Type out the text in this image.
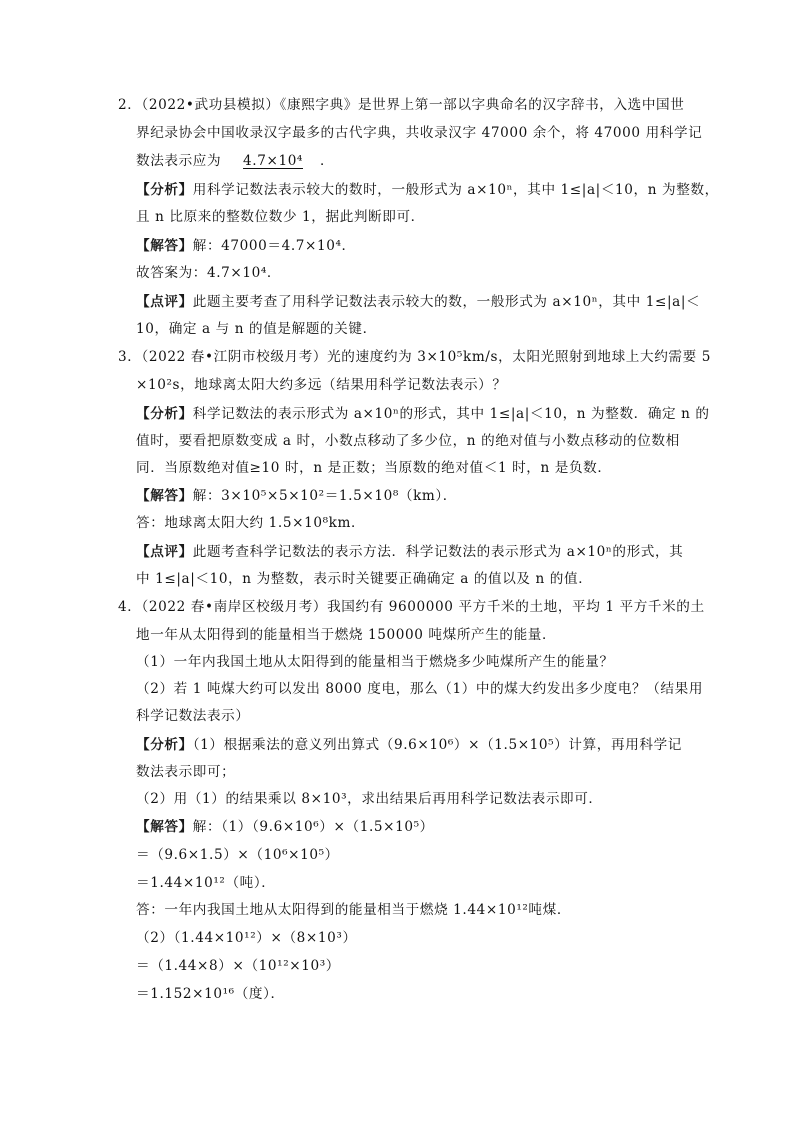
2．（2022•武功县模拟）《康熙字典》是世界上第一部以字典命名的汉字辞书，入选中国世
界纪录协会中国收录汉字最多的古代字典，共收录汉字 47000 余个，将 47000 用科学记
数法表示应为 4.7×10⁴ ．
【分析】用科学记数法表示较大的数时，一般形式为 a×10ⁿ，其中 1≤|a|＜10，n 为整数，
且 n 比原来的整数位数少 1，据此判断即可．
【解答】解：47000＝4.7×10⁴．
故答案为：4.7×10⁴．
【点评】此题主要考查了用科学记数法表示较大的数，一般形式为 a×10ⁿ，其中 1≤|a|＜
10，确定 a 与 n 的值是解题的关键．
3．（2022 春•江阴市校级月考）光的速度约为 3×10⁵km/s，太阳光照射到地球上大约需要 5
×10²s，地球离太阳大约多远（结果用科学记数法表示）？
【分析】科学记数法的表示形式为 a×10ⁿ的形式，其中 1≤|a|＜10，n 为整数．确定 n 的
值时，要看把原数变成 a 时，小数点移动了多少位，n 的绝对值与小数点移动的位数相
同．当原数绝对值≥10 时，n 是正数；当原数的绝对值＜1 时，n 是负数．
【解答】解：3×10⁵×5×10²＝1.5×10⁸（km）．
答：地球离太阳大约 1.5×10⁸km．
【点评】此题考查科学记数法的表示方法．科学记数法的表示形式为 a×10ⁿ的形式，其
中 1≤|a|＜10，n 为整数，表示时关键要正确确定 a 的值以及 n 的值．
4．（2022 春•南岸区校级月考）我国约有 9600000 平方千米的土地，平均 1 平方千米的土
地一年从太阳得到的能量相当于燃烧 150000 吨煤所产生的能量．
（1）一年内我国土地从太阳得到的能量相当于燃烧多少吨煤所产生的能量？
（2）若 1 吨煤大约可以发出 8000 度电，那么（1）中的煤大约发出多少度电？（结果用
科学记数法表示）
【分析】（1）根据乘法的意义列出算式（9.6×10⁶）×（1.5×10⁵）计算，再用科学记
数法表示即可；
（2）用（1）的结果乘以 8×10³，求出结果后再用科学记数法表示即可．
【解答】解：（1）（9.6×10⁶）×（1.5×10⁵）
＝（9.6×1.5）×（10⁶×10⁵）
＝1.44×10¹²（吨）．
答：一年内我国土地从太阳得到的能量相当于燃烧 1.44×10¹²吨煤．
（2）（1.44×10¹²）×（8×10³）
＝（1.44×8）×（10¹²×10³）
＝1.152×10¹⁶（度）．
